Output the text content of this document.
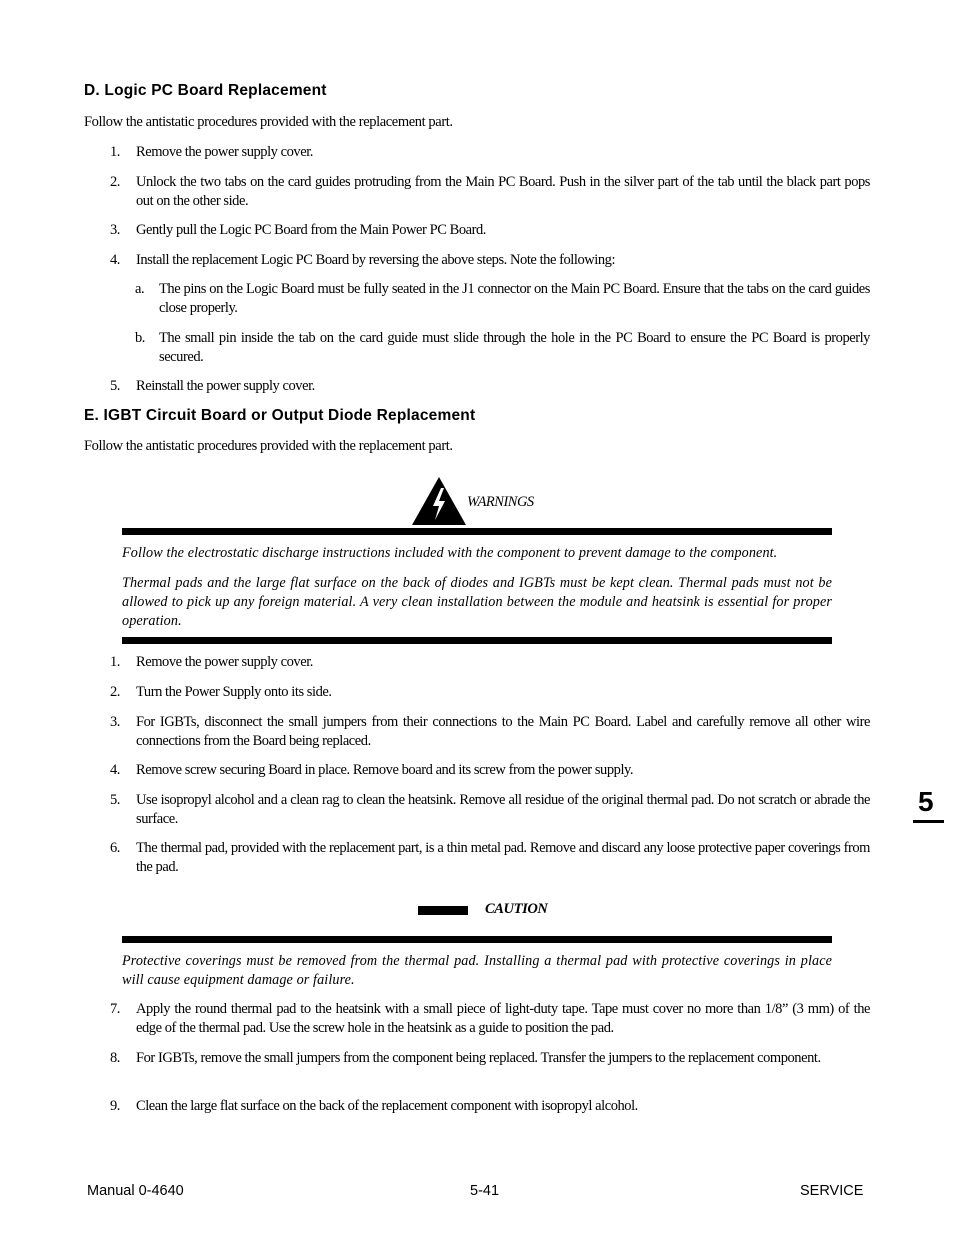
D. Logic PC Board Replacement
Follow the antistatic procedures provided with the replacement part.
1.	Remove the power supply cover.
2.	Unlock the two tabs on the card guides protruding from the Main PC Board. Push in the silver part of the tab until the black part pops out on the other side.
3.	Gently pull the Logic PC Board from the Main Power PC Board.
4.	Install the replacement Logic PC Board by reversing the above steps. Note the following:
a. The pins on the Logic Board must be fully seated in the J1 connector on the Main PC Board. Ensure that the tabs on the card guides close properly.
b. The small pin inside the tab on the card guide must slide through the hole in the PC Board to ensure the PC Board is properly secured.
5.	Reinstall the power supply cover.
E. IGBT Circuit Board or Output Diode Replacement
Follow the antistatic procedures provided with the replacement part.
WARNINGS
Follow the electrostatic discharge instructions included with the component to prevent damage to the component.
Thermal pads and the large flat surface on the back of diodes and IGBTs must be kept clean. Thermal pads must not be allowed to pick up any foreign material. A very clean installation between the module and heatsink is essential for proper operation.
1.	Remove the power supply cover.
2.	Turn the Power Supply onto its side.
3.	For IGBTs, disconnect the small jumpers from their connections to the Main PC Board. Label and carefully remove all other wire connections from the Board being replaced.
4.	Remove screw securing Board in place. Remove board and its screw from the power supply.
5.	Use isopropyl alcohol and a clean rag to clean the heatsink. Remove all residue of the original thermal pad. Do not scratch or abrade the surface.
6.	The thermal pad, provided with the replacement part, is a thin metal pad. Remove and discard any loose protective paper coverings from the pad.
CAUTION
Protective coverings must be removed from the thermal pad. Installing a thermal pad with protective coverings in place will cause equipment damage or failure.
7.	Apply the round thermal pad to the heatsink with a small piece of light-duty tape. Tape must cover no more than 1/8” (3 mm) of the edge of the thermal pad. Use the screw hole in the heatsink as a guide to position the pad.
8.	For IGBTs, remove the small jumpers from the component being replaced. Transfer the jumpers to the replacement component.
9.	Clean the large flat surface on the back of the replacement component with isopropyl alcohol.
5
Manual 0-4640	5-41	SERVICE
